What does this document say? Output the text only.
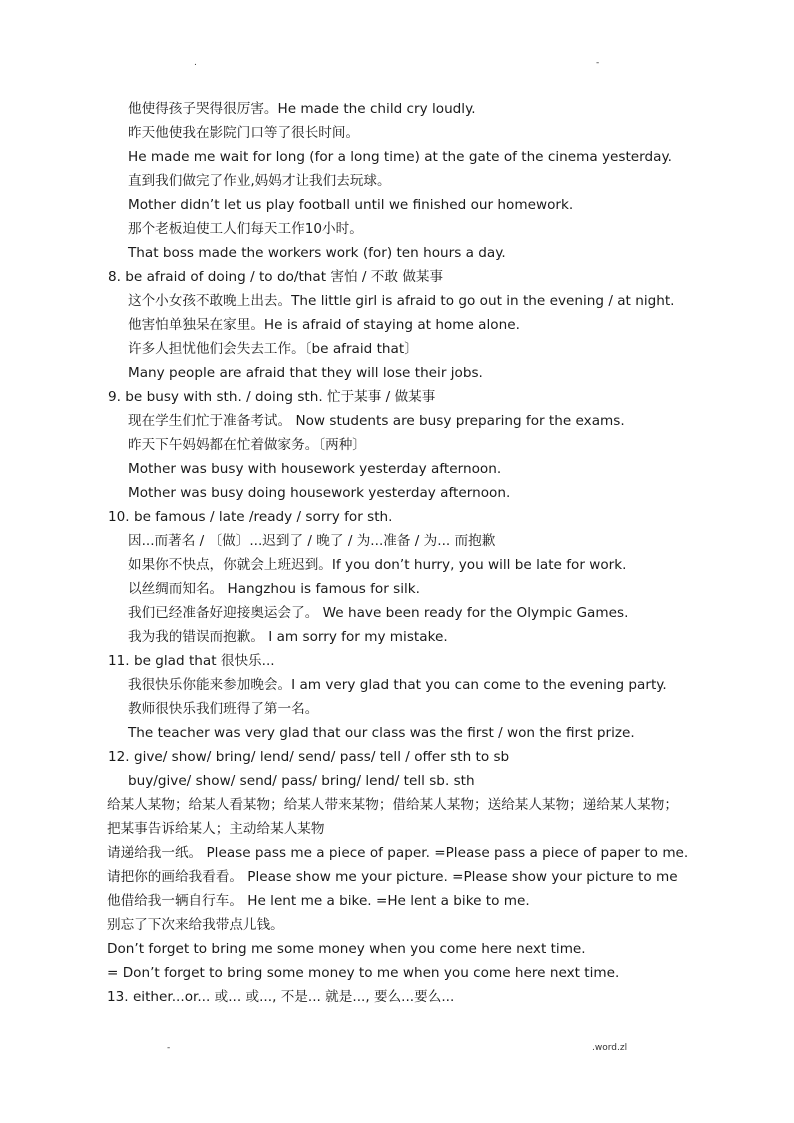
.	-
他使得孩子哭得很厉害。He made the child cry loudly.
昨天他使我在影院门口等了很长时间。
He made me wait for long (for a long time) at the gate of the cinema yesterday.
直到我们做完了作业,妈妈才让我们去玩球。
Mother didn’t let us play football until we finished our homework.
那个老板迫使工人们每天工作10小时。
That boss made the workers work (for) ten hours a day.
8. be afraid of doing / to do/that 害怕 / 不敢 做某事
这个小女孩不敢晚上出去。The little girl is afraid to go out in the evening / at night.
他害怕单独呆在家里。He is afraid of staying at home alone.
许多人担忧他们会失去工作。〔be afraid that〕
Many people are afraid that they will lose their jobs.
9. be busy with sth. / doing sth. 忙于某事 / 做某事
现在学生们忙于准备考试。 Now students are busy preparing for the exams.
昨天下午妈妈都在忙着做家务。〔两种〕
Mother was busy with housework yesterday afternoon.
Mother was busy doing housework yesterday afternoon.
10. be famous / late /ready / sorry for sth.
因...而著名 / 〔做〕...迟到了 / 晚了 / 为...准备 / 为... 而抱歉
如果你不快点，你就会上班迟到。If you don’t hurry, you will be late for work.
以丝绸而知名。 Hangzhou is famous for silk.
我们已经准备好迎接奥运会了。 We have been ready for the Olympic Games.
我为我的错误而抱歉。 I am sorry for my mistake.
11. be glad that 很快乐...
我很快乐你能来参加晚会。I am very glad that you can come to the evening party.
教师很快乐我们班得了第一名。
The teacher was very glad that our class was the first / won the first prize.
12. give/ show/ bring/ lend/ send/ pass/ tell / offer sth to sb
buy/give/ show/ send/ pass/ bring/ lend/ tell sb. sth
给某人某物；给某人看某物；给某人带来某物；借给某人某物；送给某人某物；递给某人某物；
把某事告诉给某人；主动给某人某物
请递给我一纸。 Please pass me a piece of paper. =Please pass a piece of paper to me.
请把你的画给我看看。 Please show me your picture. =Please show your picture to me
他借给我一辆自行车。 He lent me a bike. =He lent a bike to me.
别忘了下次来给我带点儿钱。
Don’t forget to bring me some money when you come here next time.
= Don’t forget to bring some money to me when you come here next time.
13. either...or... 或... 或..., 不是... 就是..., 要么...要么...
-	.word.zl
